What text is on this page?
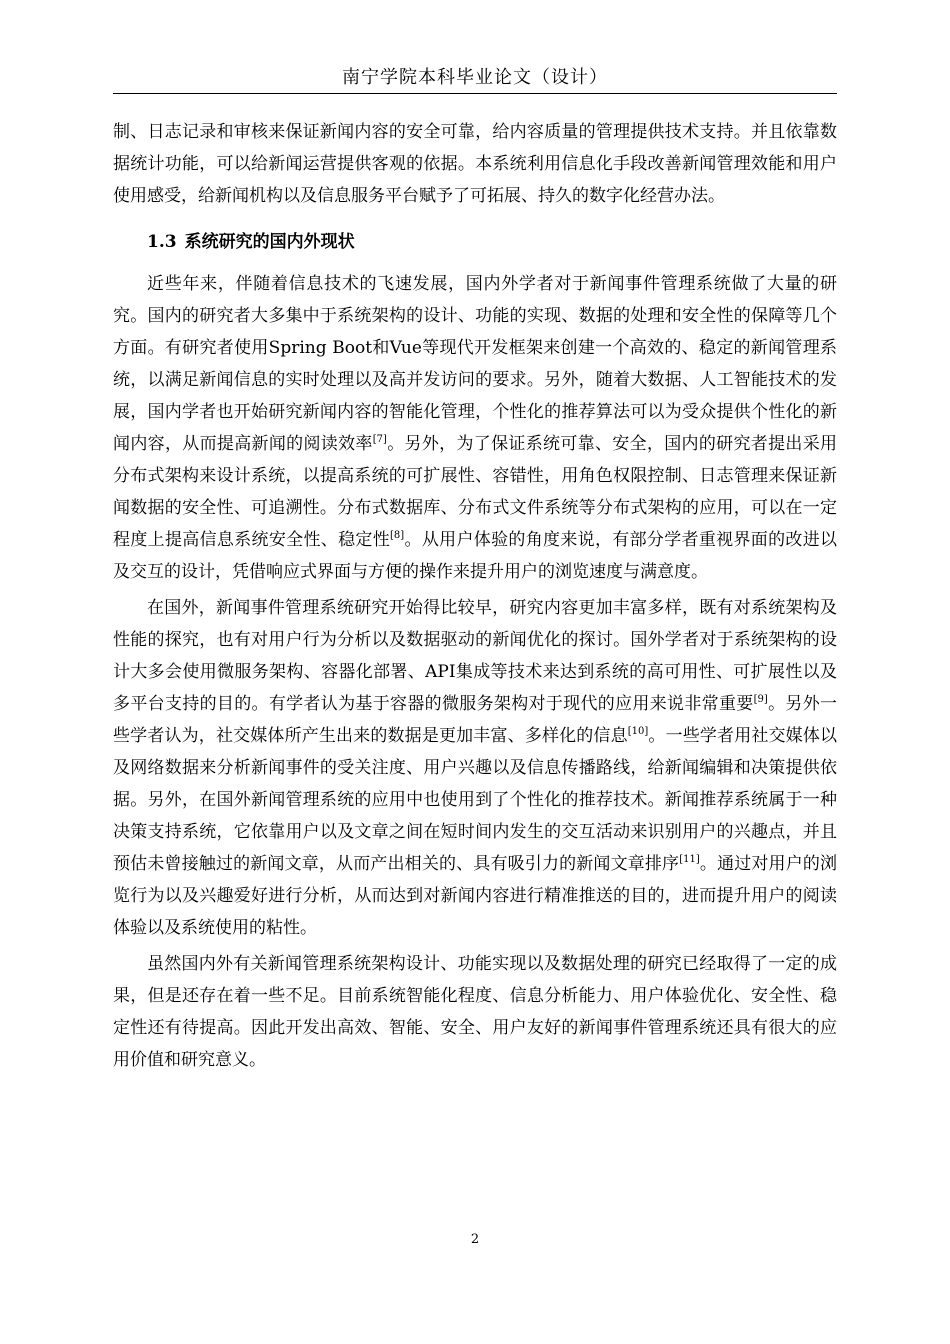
南宁学院本科毕业论文（设计）

制、日志记录和审核来保证新闻内容的安全可靠，给内容质量的管理提供技术支持。并且依靠数据统计功能，可以给新闻运营提供客观的依据。本系统利用信息化手段改善新闻管理效能和用户使用感受，给新闻机构以及信息服务平台赋予了可拓展、持久的数字化经营办法。

1.3 系统研究的国内外现状

近些年来，伴随着信息技术的飞速发展，国内外学者对于新闻事件管理系统做了大量的研究。国内的研究者大多集中于系统架构的设计、功能的实现、数据的处理和安全性的保障等几个方面。有研究者使用Spring Boot和Vue等现代开发框架来创建一个高效的、稳定的新闻管理系统，以满足新闻信息的实时处理以及高并发访问的要求。另外，随着大数据、人工智能技术的发展，国内学者也开始研究新闻内容的智能化管理，个性化的推荐算法可以为受众提供个性化的新闻内容，从而提高新闻的阅读效率[7]。另外，为了保证系统可靠、安全，国内的研究者提出采用分布式架构来设计系统，以提高系统的可扩展性、容错性，用角色权限控制、日志管理来保证新闻数据的安全性、可追溯性。分布式数据库、分布式文件系统等分布式架构的应用，可以在一定程度上提高信息系统安全性、稳定性[8]。从用户体验的角度来说，有部分学者重视界面的改进以及交互的设计，凭借响应式界面与方便的操作来提升用户的浏览速度与满意度。

在国外，新闻事件管理系统研究开始得比较早，研究内容更加丰富多样，既有对系统架构及性能的探究，也有对用户行为分析以及数据驱动的新闻优化的探讨。国外学者对于系统架构的设计大多会使用微服务架构、容器化部署、API集成等技术来达到系统的高可用性、可扩展性以及多平台支持的目的。有学者认为基于容器的微服务架构对于现代的应用来说非常重要[9]。另外一些学者认为，社交媒体所产生出来的数据是更加丰富、多样化的信息[10]。一些学者用社交媒体以及网络数据来分析新闻事件的受关注度、用户兴趣以及信息传播路线，给新闻编辑和决策提供依据。另外，在国外新闻管理系统的应用中也使用到了个性化的推荐技术。新闻推荐系统属于一种决策支持系统，它依靠用户以及文章之间在短时间内发生的交互活动来识别用户的兴趣点，并且预估未曾接触过的新闻文章，从而产出相关的、具有吸引力的新闻文章排序[11]。通过对用户的浏览行为以及兴趣爱好进行分析，从而达到对新闻内容进行精准推送的目的，进而提升用户的阅读体验以及系统使用的粘性。

虽然国内外有关新闻管理系统架构设计、功能实现以及数据处理的研究已经取得了一定的成果，但是还存在着一些不足。目前系统智能化程度、信息分析能力、用户体验优化、安全性、稳定性还有待提高。因此开发出高效、智能、安全、用户友好的新闻事件管理系统还具有很大的应用价值和研究意义。

2
